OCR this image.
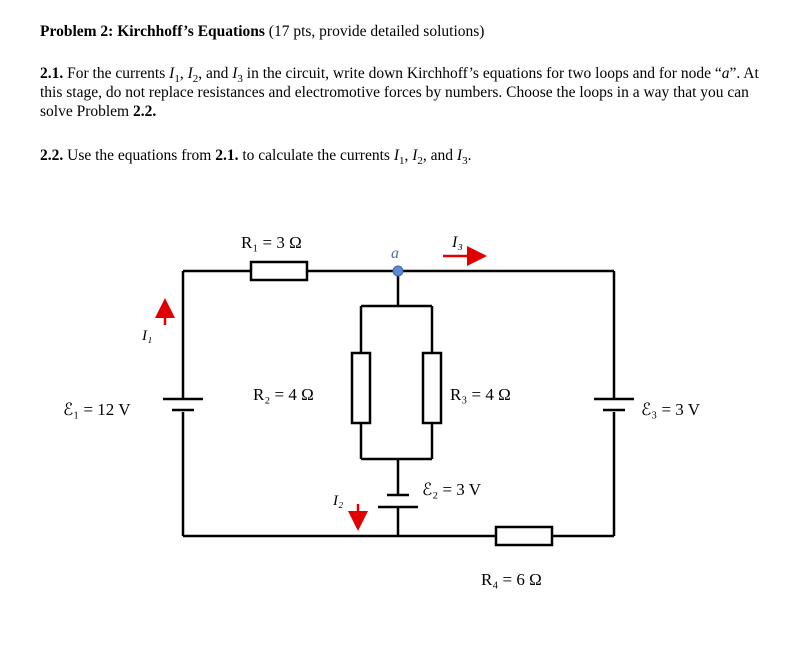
Problem 2: Kirchhoff’s Equations (17 pts, provide detailed solutions)
2.1. For the currents $I_1$, $I_2$, and $I_3$ in the circuit, write down Kirchhoff’s equations for two loops and for node “a”. At this stage, do not replace resistances and electromotive forces by numbers. Choose the loops in a way that you can solve Problem 2.2.
2.2. Use the equations from 2.1. to calculate the currents $I_1$, $I_2$, and $I_3$.
R₁ = 3 Ω
R₂ = 4 Ω	R₃ = 4 Ω
R₄ = 6 Ω
ℰ₁ = 12 V
ℰ₂ = 3 V
ℰ₃ = 3 V
I₁
I₂
I₃
a
